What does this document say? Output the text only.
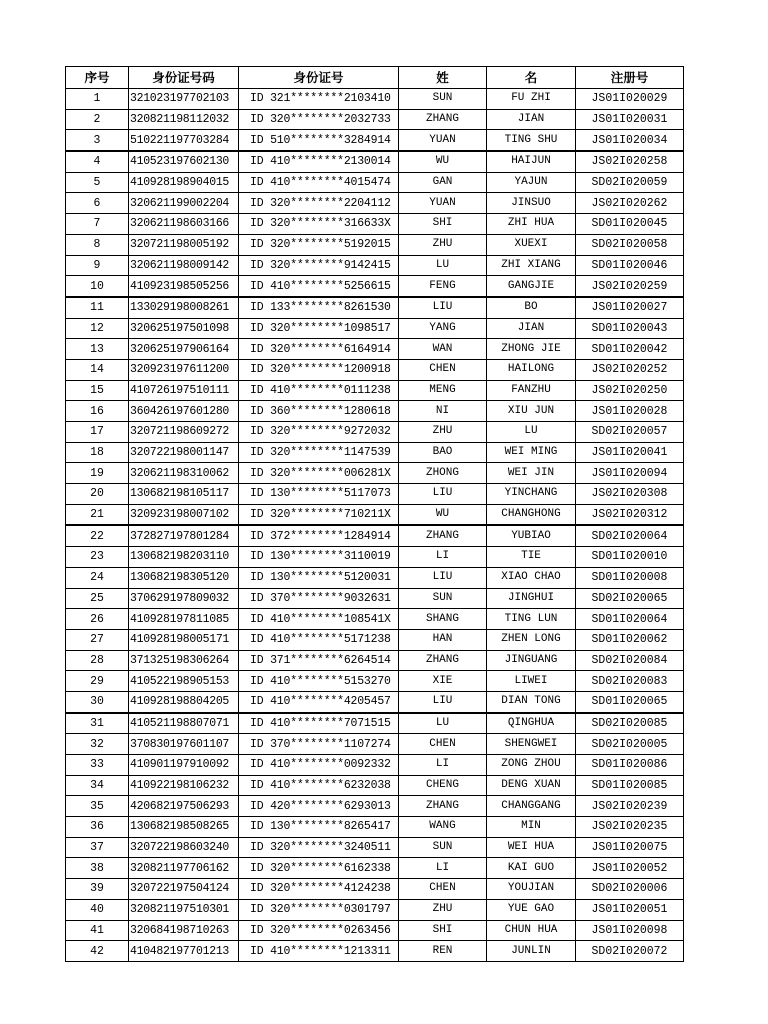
序号	身份证号码	身份证号	姓	名	注册号
1	321023197702103	ID 321********2103410	SUN	FU ZHI	JS01I020029
2	320821198112032	ID 320********2032733	ZHANG	JIAN	JS01I020031
3	510221197703284	ID 510********3284914	YUAN	TING SHU	JS01I020034
4	410523197602130	ID 410********2130014	WU	HAIJUN	JS02I020258
5	410928198904015	ID 410********4015474	GAN	YAJUN	SD02I020059
6	320621199002204	ID 320********2204112	YUAN	JINSUO	JS02I020262
7	320621198603166	ID 320********316633X	SHI	ZHI HUA	SD01I020045
8	320721198005192	ID 320********5192015	ZHU	XUEXI	SD02I020058
9	320621198009142	ID 320********9142415	LU	ZHI XIANG	SD01I020046
10	410923198505256	ID 410********5256615	FENG	GANGJIE	JS02I020259
11	133029198008261	ID 133********8261530	LIU	BO	JS01I020027
12	320625197501098	ID 320********1098517	YANG	JIAN	SD01I020043
13	320625197906164	ID 320********6164914	WAN	ZHONG JIE	SD01I020042
14	320923197611200	ID 320********1200918	CHEN	HAILONG	JS02I020252
15	410726197510111	ID 410********0111238	MENG	FANZHU	JS02I020250
16	360426197601280	ID 360********1280618	NI	XIU JUN	JS01I020028
17	320721198609272	ID 320********9272032	ZHU	LU	SD02I020057
18	320722198001147	ID 320********1147539	BAO	WEI MING	JS01I020041
19	320621198310062	ID 320********006281X	ZHONG	WEI JIN	JS01I020094
20	130682198105117	ID 130********5117073	LIU	YINCHANG	JS02I020308
21	320923198007102	ID 320********710211X	WU	CHANGHONG	JS02I020312
22	372827197801284	ID 372********1284914	ZHANG	YUBIAO	SD02I020064
23	130682198203110	ID 130********3110019	LI	TIE	SD01I020010
24	130682198305120	ID 130********5120031	LIU	XIAO CHAO	SD01I020008
25	370629197809032	ID 370********9032631	SUN	JINGHUI	SD02I020065
26	410928197811085	ID 410********108541X	SHANG	TING LUN	SD01I020064
27	410928198005171	ID 410********5171238	HAN	ZHEN LONG	SD01I020062
28	371325198306264	ID 371********6264514	ZHANG	JINGUANG	SD02I020084
29	410522198905153	ID 410********5153270	XIE	LIWEI	SD02I020083
30	410928198804205	ID 410********4205457	LIU	DIAN TONG	SD01I020065
31	410521198807071	ID 410********7071515	LU	QINGHUA	SD02I020085
32	370830197601107	ID 370********1107274	CHEN	SHENGWEI	SD02I020005
33	410901197910092	ID 410********0092332	LI	ZONG ZHOU	SD01I020086
34	410922198106232	ID 410********6232038	CHENG	DENG XUAN	SD01I020085
35	420682197506293	ID 420********6293013	ZHANG	CHANGGANG	JS02I020239
36	130682198508265	ID 130********8265417	WANG	MIN	JS02I020235
37	320722198603240	ID 320********3240511	SUN	WEI HUA	JS01I020075
38	320821197706162	ID 320********6162338	LI	KAI GUO	JS01I020052
39	320722197504124	ID 320********4124238	CHEN	YOUJIAN	SD02I020006
40	320821197510301	ID 320********0301797	ZHU	YUE GAO	JS01I020051
41	320684198710263	ID 320********0263456	SHI	CHUN HUA	JS01I020098
42	410482197701213	ID 410********1213311	REN	JUNLIN	SD02I020072
